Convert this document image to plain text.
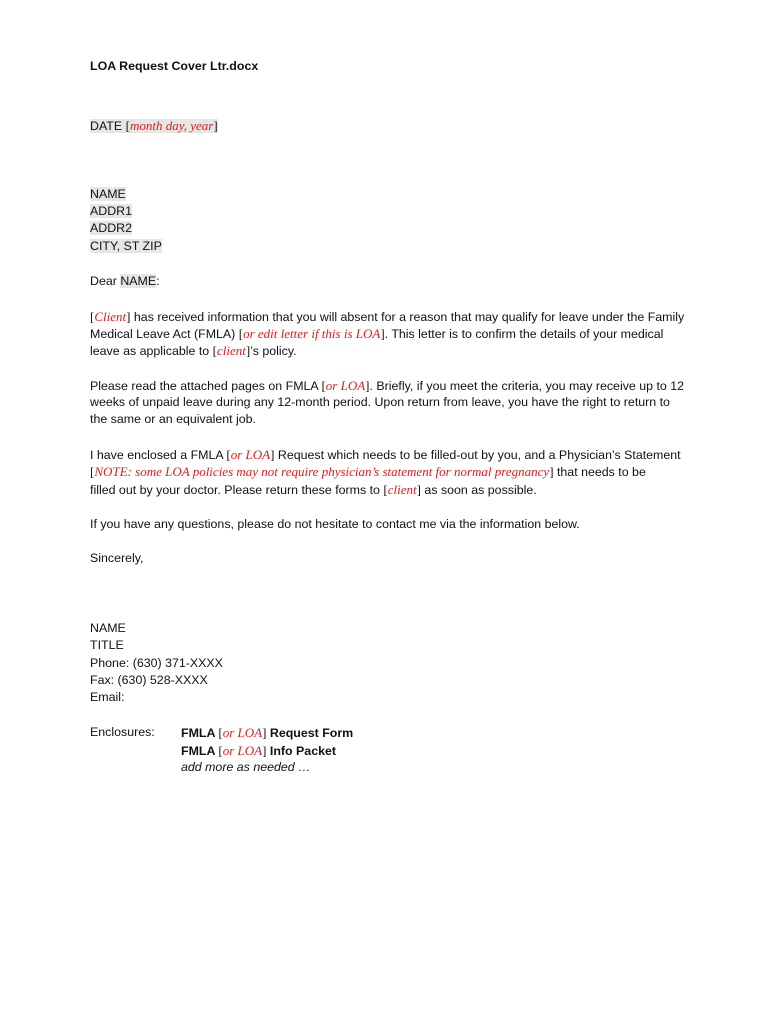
LOA Request Cover Ltr.docx
DATE [month day, year]
NAME
ADDR1
ADDR2
CITY, ST ZIP
Dear NAME:
[Client] has received information that you will absent for a reason that may qualify for leave under the Family
Medical Leave Act (FMLA) [or edit letter if this is LOA]. This letter is to confirm the details of your medical
leave as applicable to [client]’s policy.
Please read the attached pages on FMLA [or LOA]. Briefly, if you meet the criteria, you may receive up to 12
weeks of unpaid leave during any 12-month period. Upon return from leave, you have the right to return to
the same or an equivalent job.
I have enclosed a FMLA [or LOA] Request which needs to be filled-out by you, and a Physician’s Statement
[NOTE: some LOA policies may not require physician’s statement for normal pregnancy] that needs to be
filled out by your doctor. Please return these forms to [client] as soon as possible.
If you have any questions, please do not hesitate to contact me via the information below.
Sincerely,
NAME
TITLE
Phone: (630) 371-XXXX
Fax: (630) 528-XXXX
Email:
Enclosures: FMLA [or LOA] Request Form
FMLA [or LOA] Info Packet
add more as needed …
